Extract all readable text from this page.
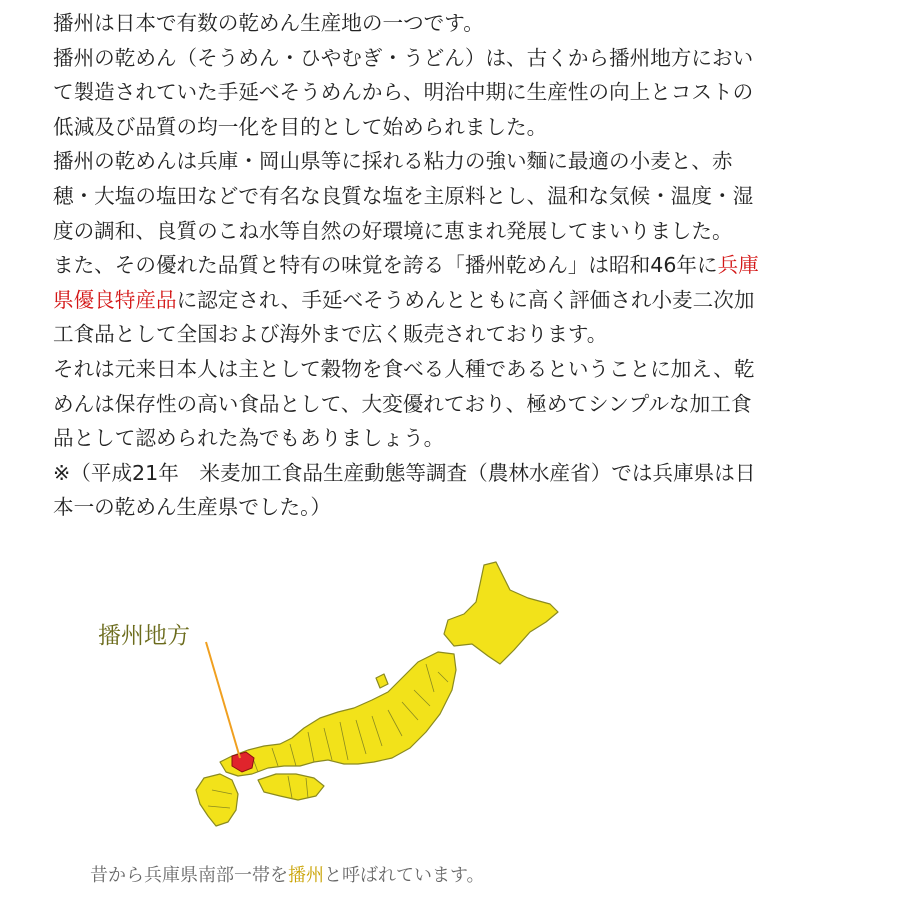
播州は日本で有数の乾めん生産地の一つです。
播州の乾めん（そうめん・ひやむぎ・うどん）は、古くから播州地方におい
て製造されていた手延べそうめんから、明治中期に生産性の向上とコストの
低減及び品質の均一化を目的として始められました。
播州の乾めんは兵庫・岡山県等に採れる粘力の強い麵に最適の小麦と、赤
穂・大塩の塩田などで有名な良質な塩を主原料とし、温和な気候・温度・湿
度の調和、良質のこね水等自然の好環境に恵まれ発展してまいりました。
また、その優れた品質と特有の味覚を誇る「播州乾めん」は昭和46年に兵庫
県優良特産品に認定され、手延べそうめんとともに高く評価され小麦二次加
工食品として全国および海外まで広く販売されております。
それは元来日本人は主として穀物を食べる人種であるということに加え、乾
めんは保存性の高い食品として、大変優れており、極めてシンプルな加工食
品として認められた為でもありましょう。
※（平成21年　米麦加工食品生産動態等調査（農林水産省）では兵庫県は日
本一の乾めん生産県でした。）
播州地方
昔から兵庫県南部一帯を播州と呼ばれています。
